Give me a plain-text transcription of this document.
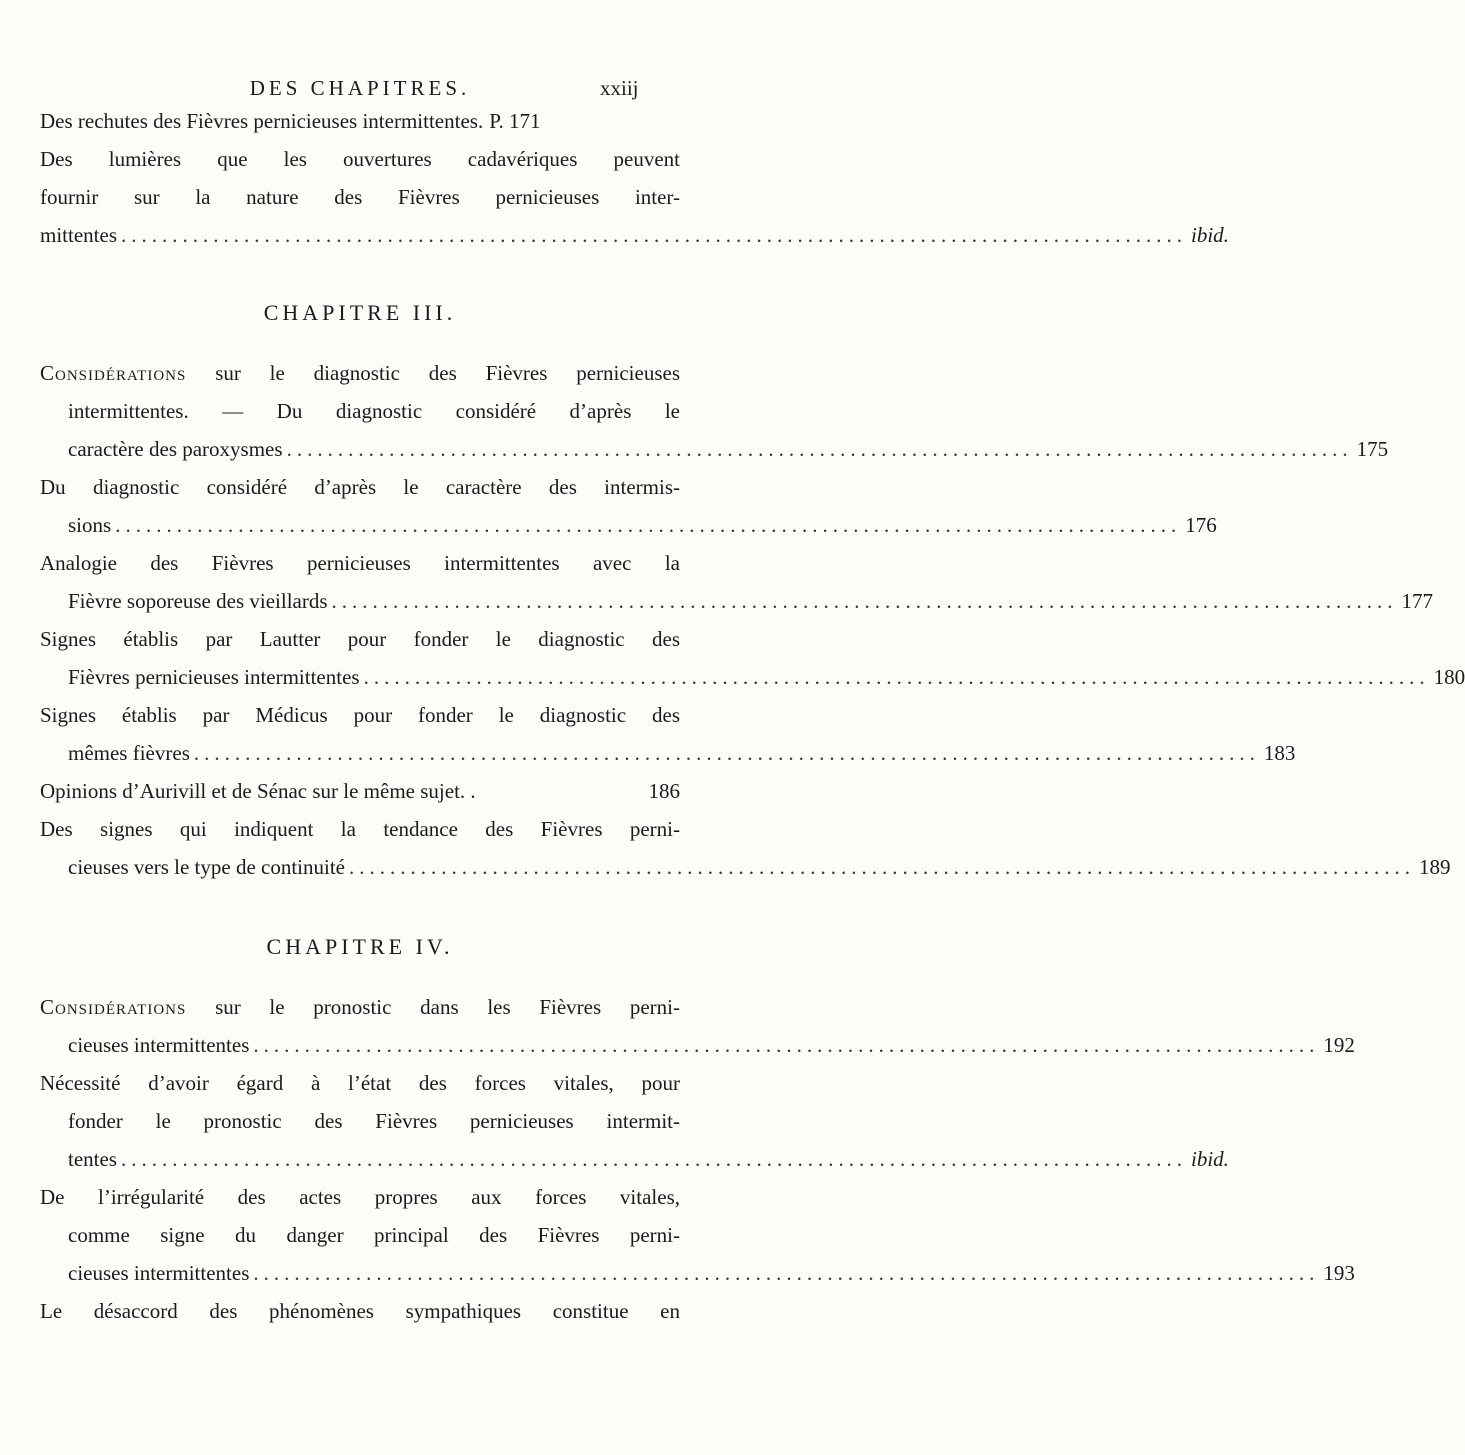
DES CHAPITRES.	xxiij
Des rechutes des Fièvres pernicieuses intermittentes. P. 171
Des lumières que les ouvertures cadavériques peuvent
fournir sur la nature des Fièvres pernicieuses inter-
mittentes ........................................................................................................ ibid.
CHAPITRE III.
Considérations sur le diagnostic des Fièvres pernicieuses
intermittentes. — Du diagnostic considéré d’après le
caractère des paroxysmes ........................................................................................................ 175
Du diagnostic considéré d’après le caractère des intermis-
sions ........................................................................................................ 176
Analogie des Fièvres pernicieuses intermittentes avec la
Fièvre soporeuse des vieillards ........................................................................................................ 177
Signes établis par Lautter pour fonder le diagnostic des
Fièvres pernicieuses intermittentes ........................................................................................................ 180
Signes établis par Médicus pour fonder le diagnostic des
mêmes fièvres ........................................................................................................ 183
Opinions d’Aurivill et de Sénac sur le même sujet. .	186
Des signes qui indiquent la tendance des Fièvres perni-
cieuses vers le type de continuité ........................................................................................................ 189
CHAPITRE IV.
Considérations sur le pronostic dans les Fièvres perni-
cieuses intermittentes ........................................................................................................ 192
Nécessité d’avoir égard à l’état des forces vitales, pour
fonder le pronostic des Fièvres pernicieuses intermit-
tentes ........................................................................................................ ibid.
De l’irrégularité des actes propres aux forces vitales,
comme signe du danger principal des Fièvres perni-
cieuses intermittentes ........................................................................................................ 193
Le désaccord des phénomènes sympathiques constitue en
